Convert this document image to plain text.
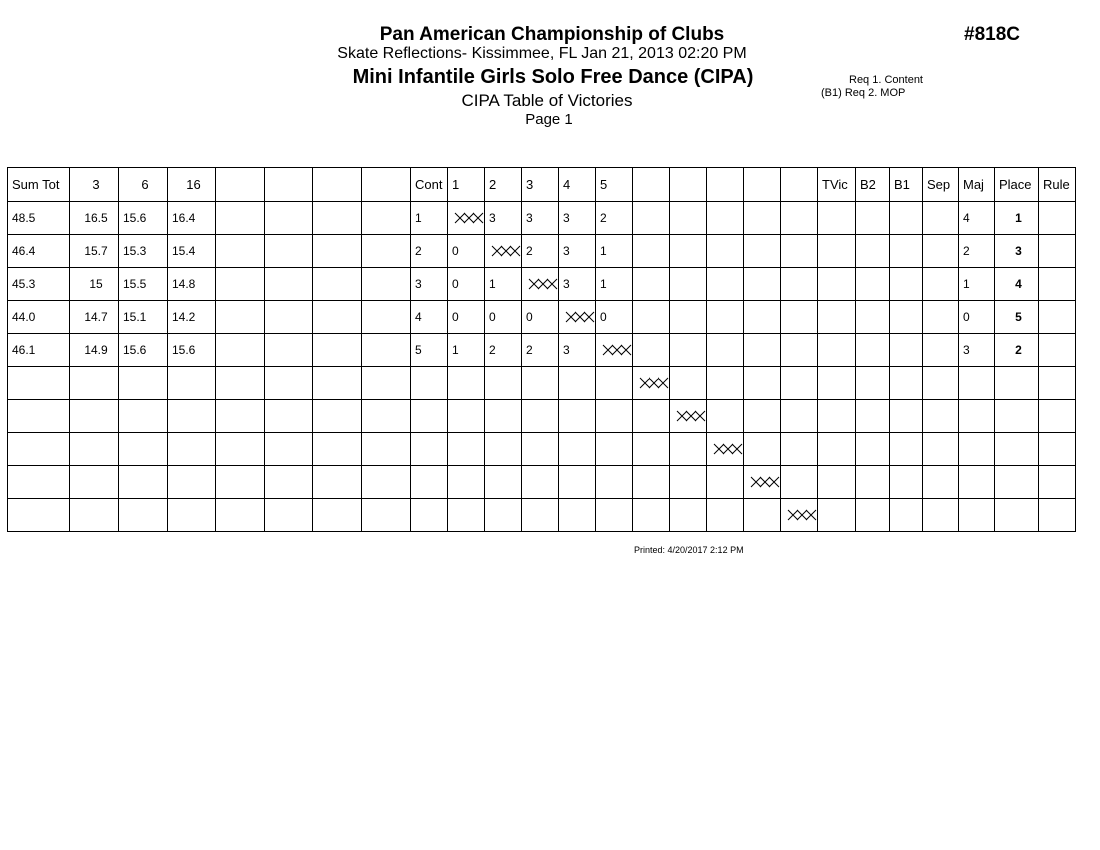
Pan American Championship of Clubs	#818C
Skate Reflections- Kissimmee, FL Jan 21, 2013 02:20 PM
Mini Infantile Girls Solo Free Dance (CIPA)
CIPA Table of Victories
Page 1
Req 1. Content
(B1) Req 2. MOP
Sum Tot	3	6	16					Cont	1	2	3	4	5						TVic	B2	B1	Sep	Maj	Place	Rule
48.5	16.5	15.6	16.4					1		3	3	3	2										4	1	
46.4	15.7	15.3	15.4					2	0		2	3	1										2	3	
45.3	15	15.5	14.8					3	0	1		3	1										1	4	
44.0	14.7	15.1	14.2					4	0	0	0		0										0	5	
46.1	14.9	15.6	15.6					5	1	2	2	3											3	2	

Printed: 4/20/2017 2:12 PM
